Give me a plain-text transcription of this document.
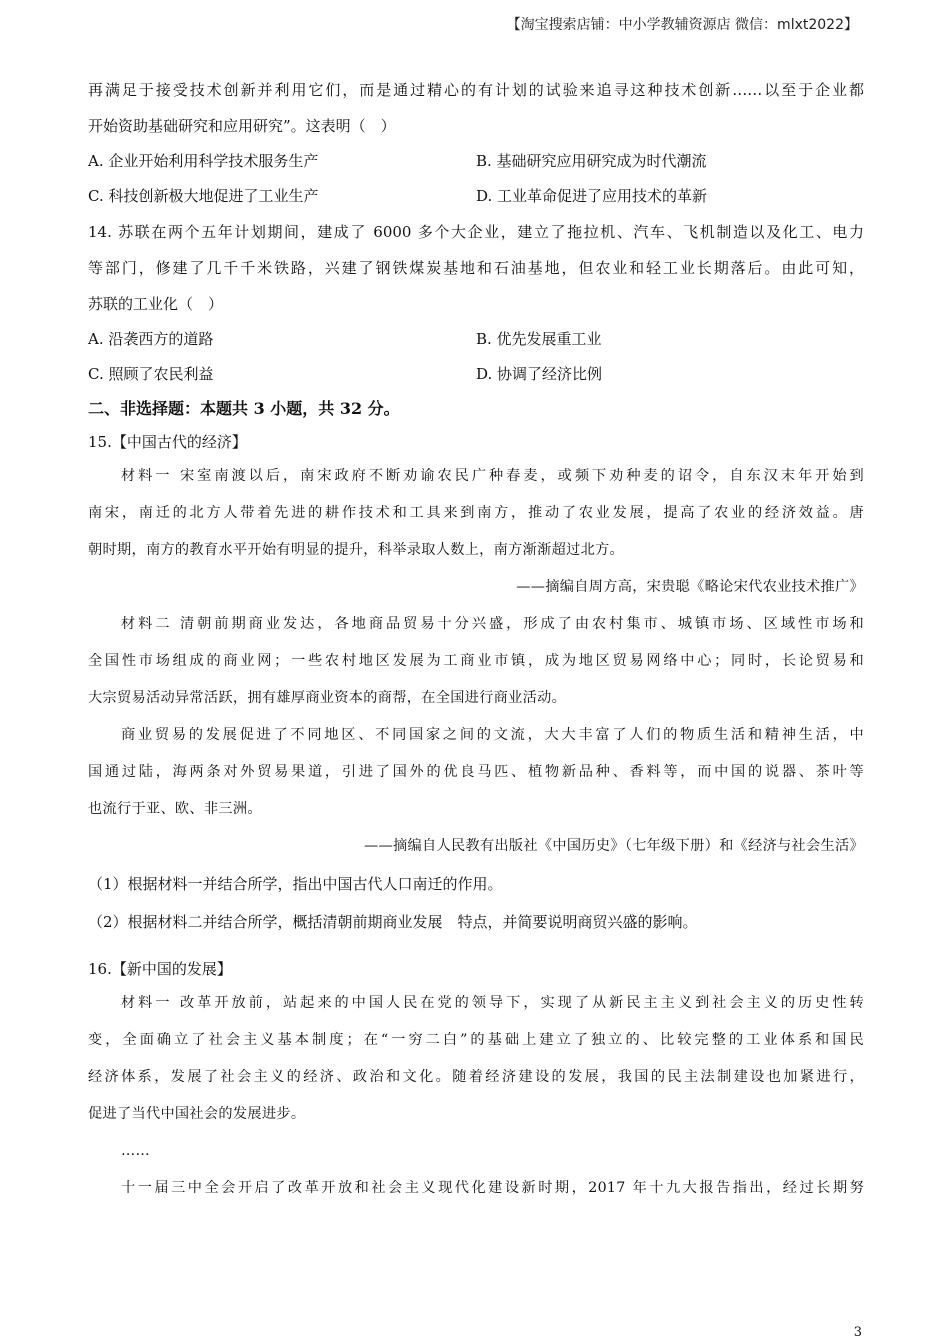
【淘宝搜索店铺：中小学教辅资源店 微信：mlxt2022】
再满足于接受技术创新并利用它们，而是通过精心的有计划的试验来追寻这种技术创新……以至于企业都
开始资助基础研究和应用研究”。这表明（　）
A. 企业开始利用科学技术服务生产	B. 基础研究应用研究成为时代潮流
C. 科技创新极大地促进了工业生产	D. 工业革命促进了应用技术的革新
14. 苏联在两个五年计划期间，建成了 6000 多个大企业，建立了拖拉机、汽车、飞机制造以及化工、电力
等部门，修建了几千千米铁路，兴建了钢铁煤炭基地和石油基地，但农业和轻工业长期落后。由此可知，
苏联的工业化（　）
A. 沿袭西方的道路	B. 优先发展重工业
C. 照顾了农民利益	D. 协调了经济比例
二、非选择题：本题共 3 小题，共 32 分。
15.【中国古代的经济】
材料一 宋室南渡以后，南宋政府不断劝谕农民广种春麦，或频下劝种麦的诏令，自东汉末年开始到
南宋，南迁的北方人带着先进的耕作技术和工具来到南方，推动了农业发展，提高了农业的经济效益。唐
朝时期，南方的教育水平开始有明显的提升，科举录取人数上，南方渐渐超过北方。
——摘编自周方高，宋贵聪《略论宋代农业技术推广》
材料二 清朝前期商业发达，各地商品贸易十分兴盛，形成了由农村集市、城镇市场、区域性市场和
全国性市场组成的商业网；一些农村地区发展为工商业市镇，成为地区贸易网络中心；同时，长论贸易和
大宗贸易活动异常活跃，拥有雄厚商业资本的商帮，在全国进行商业活动。
商业贸易的发展促进了不同地区、不同国家之间的文流，大大丰富了人们的物质生活和精神生活，中
国通过陆，海两条对外贸易果道，引进了国外的优良马匹、植物新品种、香料等，而中国的说器、茶叶等
也流行于亚、欧、非三洲。
——摘编自人民教有出版社《中国历史》（七年级下册）和《经济与社会生活》
（1）根据材料一并结合所学，指出中国古代人口南迁的作用。
（2）根据材料二并结合所学，概括清朝前期商业发展　特点，并简要说明商贸兴盛的影响。
16.【新中国的发展】
材料一 改革开放前，站起来的中国人民在党的领导下，实现了从新民主主义到社会主义的历史性转
变，全面确立了社会主义基本制度；在“一穷二白”的基础上建立了独立的、比较完整的工业体系和国民
经济体系，发展了社会主义的经济、政治和文化。随着经济建设的发展，我国的民主法制建设也加紧进行，
促进了当代中国社会的发展进步。
……
十一届三中全会开启了改革开放和社会主义现代化建设新时期，2017 年十九大报告指出，经过长期努
3
